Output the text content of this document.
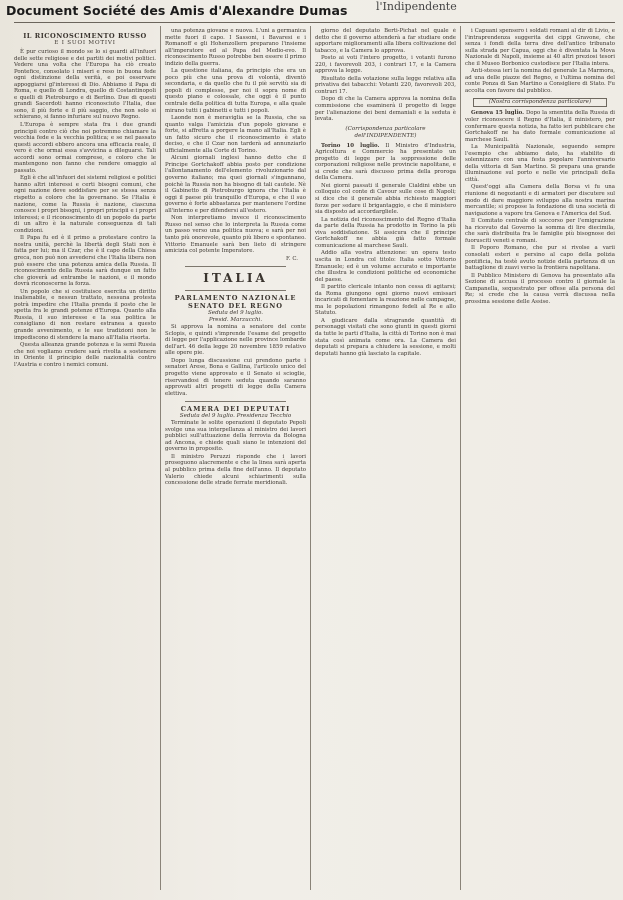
Document Société des Amis d'Alexandre Dumas	l'Indipendente
IL RICONOSCIMENTO RUSSO
E I SUOI MOTIVI

È pur curioso il mondo se lo si guardi all'infuori delle sette religiose e dei partiti dei motivi politici. Vedere una volta che l'Europa ha ciò creato Pontefice, consolato i miseri e reso in buona fede ogni distinzione della verità, e poi osservare appoggiarsi gl'interessi di Dio. Abbiamo il Papa di Roma, e quello di Londra, quello di Costantinopoli e quelli di Pietroburgo e di Berlino. Due di questi grandi Sacerdoti hanno riconosciuto l'Italia, due sono, il più forte e il più saggio, che non solo si schierano, si fanno infuriare sul nuovo Regno.

L'Europa è sempre stata fra i due grandi principii contro ciò che noi potremmo chiamare la vecchia fede e la vecchia politica; e se nel passato questi accordi ebbero ancora una efficacia reale, il vero è che ormai essa s'avvicina a dileguarsi. Tali accordi sono ormai comprese, e coloro che le mantengono non fanno che rendere omaggio al passato.

Egli è che all'infuori dei sistemi religiosi e politici hanno altri interessi e certi bisogni comuni, che ogni nazione deve soddisfare per se stessa senza rispetto a coloro che la governano. Se l'Italia è nazione, come la Russia è nazione, ciascuna conosce i propri bisogni, i propri principii e i propri interessi; e il riconoscimento di un popolo da parte di un altro è la naturale conseguenza di tali condizioni.

Il Papa fu ed è il primo a protestare contro la nostra unità, perchè la libertà degli Stati non è fatta per lui; ma il Czar, che è il capo della Chiesa greca, non può non avvedersi che l'Italia libera non può essere che una potenza amica della Russia. Il riconoscimento della Russia sarà dunque un fatto che gioverà ad entrambe le nazioni, e il mondo dovrà riconoscerne la forza.

Un popolo che si costituisce esercita un diritto inalienabile, e nessun trattato, nessuna protesta potrà impedire che l'Italia prenda il posto che le spetta fra le grandi potenze d'Europa. Quanto alla Russia, il suo interesse e la sua politica le consigliano di non restare estranea a questo grande avvenimento, e le sue tradizioni non le impediscono di stendere la mano all'Italia risorta.

Questa alleanza grande potenza e la semi Russia che noi vogliamo credere sarà rivolta a sostenere in Oriente il principio delle nazionalità contro l'Austria e contro i nemici comuni.

una potenza giovane e nuova. L'uni a germanica mette fuori il capo. I Sassoni, i Bavaresi e i Romanoff e gli Hohenzollern preparano l'insieme all'imperatore ed al Papa del Medio-evo. Il riconoscimento Russo potrebbe ben essere il primo indizio della guerra.

La questione italiana, da principio che era un poco più che una prova di volontà, diventò secondaria, e da quello che fu il piè servitù sia di popoli di complesse, per noi il sopra nome di questo piano e colossale, che oggi è il punto centrale della politica di tutta Europa, e alla quale mirano tutti i gabinetti e tutti i popoli.

Laonde non è meraviglia se la Russia, che sa quanto valga l'amicizia d'un popolo giovane e forte, si affretta a porgere la mano all'Italia. Egli è un fatto sicuro che il riconoscimento è stato deciso, e che il Czar non tarderà ad annunziarlo ufficialmente alla Corte di Torino.

Alcuni giornali inglesi hanno detto che il Principe Gortchakoff abbia posto per condizione l'allontanamento dell'elemento rivoluzionario dal governo italiano; ma quei giornali s'ingannano, poichè la Russia non ha bisogno di tali cautele. Nè il Gabinetto di Pietroburgo ignora che l'Italia è oggi il paese più tranquillo d'Europa, e che il suo governo è forte abbastanza per mantenere l'ordine all'interno e per difendersi all'estero.

Non interpretiamo invece il riconoscimento Russo nel senso che lo interpreta la Russia come un passo verso una politica nuova; e sarà per noi tanto più onorevole, quanto più libero e spontaneo. Vittorio Emanuele sarà ben lieto di stringere amicizia col potente Imperatore.

F. C.
ITALIA
PARLAMENTO NAZIONALE
SENATO DEL REGNO
Seduta del 9 luglio.
Presid. Marzucchi.

Si approva la nomina a senatore del conte Sclopis, e quindi s'imprende l'esame del progetto di legge per l'applicazione nelle province lombarde dell'art. 46 della legge 20 novembre 1859 relativo alle opere pie.

Dopo lunga discussione cui prendono parte i senatori Arese, Bona e Gallina, l'articolo unico del progetto viene approvato e il Senato si scioglie, riservandosi di tenere seduta quando saranno approvati altri progetti di legge della Camera elettiva.

CAMERA DEI DEPUTATI
Seduta del 9 luglio. Presidenza Tecchio

Terminate le solite operazioni il deputato Pepoli svolge una sua interpellanza al ministro dei lavori pubblici sull'attuazione della ferrovia da Bologna ad Ancona, e chiede quali siano le intenzioni del governo in proposito.

Il ministro Peruzzi risponde che i lavori proseguono alacremente e che la linea sarà aperta al pubblico prima della fine dell'anno. Il deputato Valerio chiede alcuni schiarimenti sulla concessione delle strade ferrate meridionali.

giorno del deputato Berti-Pichat nel quale è detto che il governo attenderà a far studiare onde apportare miglioramenti alla libera coltivazione del tabacco, e la Camera lo approva.

Posto ai voti l'intero progetto, i votanti furono 220, i favorevoli 203, i contrari 17, e la Camera approva la legge.

Risultato della votazione sulla legge relativa alla privativa dei tabacchi: Votanti 220, favorevoli 203, contrari 17.

Dopo di che la Camera approva la nomina della commissione che esaminerà il progetto di legge per l'alienazione dei beni demaniali e la seduta è levata.

(Corrispondenza particolare dell'INDIPENDENTE)

Torino 10 luglio. Il Ministro d'Industria, Agricoltura e Commercio ha presentato un progetto di legge per la soppressione delle corporazioni religiose nelle provincie napolitane, e si crede che sarà discusso prima della proroga della Camera.

Nei giorni passati il generale Cialdini ebbe un colloquio col conte di Cavour sulle cose di Napoli; si dice che il generale abbia richiesto maggiori forze per sedare il brigantaggio, e che il ministero sia disposto ad accordargliele.

La notizia del riconoscimento del Regno d'Italia da parte della Russia ha prodotto in Torino la più viva soddisfazione. Si assicura che il principe Gortchakoff ne abbia già fatto formale comunicazione al marchese Sauli.

Addio alla vostra attenzione: un opera testo uscita in Londra col titolo: Italia sotto Vittorio Emanuele; ed è un volume accurato e importante che illustra le condizioni politiche ed economiche del paese.

Il partito clericale intanto non cessa di agitarsi; da Roma giungono ogni giorno nuovi emissari incaricati di fomentare la reazione nelle campagne, ma le popolazioni rimangono fedeli al Re e allo Statuto.

A giudicare dalla stragrande quantità di personaggi visitati che sono giunti in questi giorni da tutte le parti d'Italia, la città di Torino non è mai stata così animata come ora. La Camera dei deputati si prepara a chiudere la sessione, e molti deputati hanno già lasciato la capitale.

i Capuani spensero i soldati romani al dir di Livio, e l'intraprendenza suggerita dei cippi Gravone, che senza i fondi della terra dive dell'antico tribunato sulla strada per Capua, oggi che è diventata la Mova Nazionale di Napoli, insieme ai 40 altri preziosi tesori che il Museo Borbonico custodisce per l'Italia intera.

Anti-stessa ieri la nomina del generale La Marmora, ad una delle piazze del Regno, e l'ultima nomina del conte Ponza di San Martino a Consigliere di Stato. Fu accolta con favore dal pubblico.

(Nostra corrispondenza particolare)

Genova 15 luglio. Dopo la smentita della Russia di voler riconoscere il Regno d'Italia, il ministero, per confermare questa notizia, ha fatto ieri pubblicare che Gortchakoff ne ha dato formale comunicazione al marchese Sauli.

La Municipalità Nazionale, seguendo sempre l'esempio che abbiamo dato, ha stabilito di solennizzare con una festa popolare l'anniversario della vittoria di San Martino. Si prepara una grande illuminazione sul porto e nelle vie principali della città.

Quest'oggi alla Camera della Borsa vi fu una riunione di negozianti e di armatori per discutere sul modo di dare maggiore sviluppo alla nostra marina mercantile; si propose la fondazione di una società di navigazione a vapore tra Genova e l'America del Sud.

Il Comitato centrale di soccorso per l'emigrazione ha ricevuto dal Governo la somma di lire diecimila, che sarà distribuita fra le famiglie più bisognose dei fuorusciti veneti e romani.

Il Poporo Romano, che pur si rivolse a varii consolati esteri e persino al capo della polizia pontificia, ha testè avuto notizie della partenza di un battaglione di zuavi verso la frontiera napolitana.

Il Pubblico Ministero di Genova ha presentato alla Sezione di accusa il processo contro il giornale la Campanella, sequestrato per offese alla persona del Re; si crede che la causa verrà discussa nella prossima sessione delle Assise.
